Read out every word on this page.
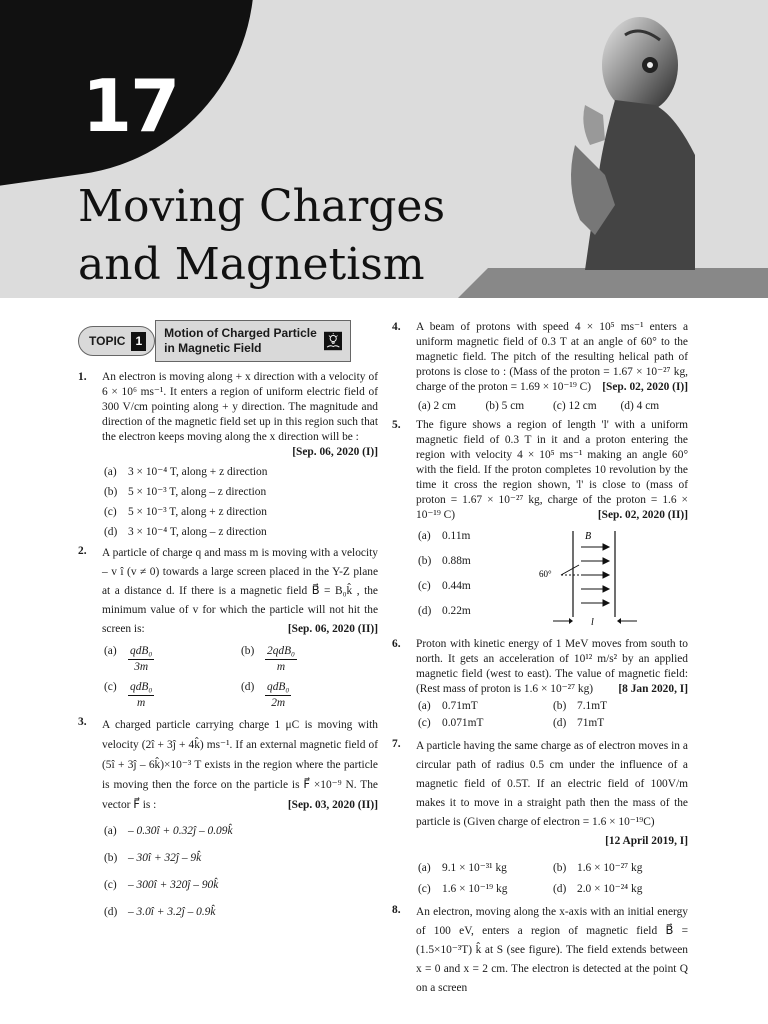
17
Moving Charges
and Magnetism
TOPIC 1
Motion of Charged Particle in Magnetic Field
1.	An electron is moving along + x direction with a velocity of 6 × 10⁶ ms⁻¹. It enters a region of uniform electric field of 300 V/cm pointing along + y direction. The magnitude and direction of the magnetic field set up in this region such that the electron keeps moving along the x direction will be :
[Sep. 06, 2020 (I)]
(a) 3 × 10⁻⁴ T, along + z direction
(b) 5 × 10⁻³ T, along – z direction
(c) 5 × 10⁻³ T, along + z direction
(d) 3 × 10⁻⁴ T, along – z direction
2.	A particle of charge q and mass m is moving with a velocity – v î (v ≠ 0) towards a large screen placed in the Y-Z plane at a distance d. If there is a magnetic field B⃗ = B₀k̂ , the minimum value of v for which the particle will not hit the screen is:	[Sep. 06, 2020 (II)]
$(a) \frac{\text{qdB₀}}{3m}$	$(b) \frac{\text{2qdB₀}}{m}$
$(c) \frac{\text{qdB₀}}{m}$	$(d) \frac{\text{qdB₀}}{2m}$
3.	A charged particle carrying charge 1 μC is moving with velocity (2î + 3ĵ + 4k̂) ms⁻¹. If an external magnetic field of (5î + 3ĵ – 6k̂)×10⁻³ T exists in the region where the particle is moving then the force on the particle is F⃗ ×10⁻⁹ N. The vector F⃗ is :	[Sep. 03, 2020 (II)]
(a) – 0.30î + 0.32ĵ – 0.09k̂
(b) – 30î + 32ĵ – 9k̂
(c) – 300î + 320ĵ – 90k̂
(d) – 3.0î + 3.2ĵ – 0.9k̂
4.	A beam of protons with speed 4 × 10⁵ ms⁻¹ enters a uniform magnetic field of 0.3 T at an angle of 60° to the magnetic field. The pitch of the resulting helical path of protons is close to : (Mass of the proton = 1.67 × 10⁻²⁷ kg, charge of the proton = 1.69 × 10⁻¹⁹ C) [Sep. 02, 2020 (I)]
(a) 2 cm	(b) 5 cm	(c) 12 cm	(d) 4 cm
5.	The figure shows a region of length 'l' with a uniform magnetic field of 0.3 T in it and a proton entering the region with velocity 4 × 10⁵ ms⁻¹ making an angle 60° with the field. If the proton completes 10 revolution by the time it cross the region shown, 'l' is close to (mass of proton = 1.67 × 10⁻²⁷ kg, charge of the proton = 1.6 × 10⁻¹⁹ C)	[Sep. 02, 2020 (II)]
(a) 0.11m
(b) 0.88m
(c) 0.44m
(d) 0.22m
B
60°
l
6.	Proton with kinetic energy of 1 MeV moves from south to north. It gets an acceleration of 10¹² m/s² by an applied magnetic field (west to east). The value of magnetic field: (Rest mass of proton is 1.6 × 10⁻²⁷ kg) [8 Jan 2020, I]
(a) 0.71mT	(b) 7.1mT
(c) 0.071mT	(d) 71mT
7.	A particle having the same charge as of electron moves in a circular path of radius 0.5 cm under the influence of a magnetic field of 0.5T. If an electric field of 100V/m makes it to move in a straight path then the mass of the particle is (Given charge of electron = 1.6 × 10⁻¹⁹C)

[12 April 2019, I]
(a) 9.1 × 10⁻³¹ kg	(b) 1.6 × 10⁻²⁷ kg
(c) 1.6 × 10⁻¹⁹ kg	(d) 2.0 × 10⁻²⁴ kg
8.	An electron, moving along the x-axis with an initial energy of 100 eV, enters a region of magnetic field B⃗ = (1.5×10⁻³T) k̂ at S (see figure). The field extends between x = 0 and x = 2 cm. The electron is detected at the point Q on a screen
